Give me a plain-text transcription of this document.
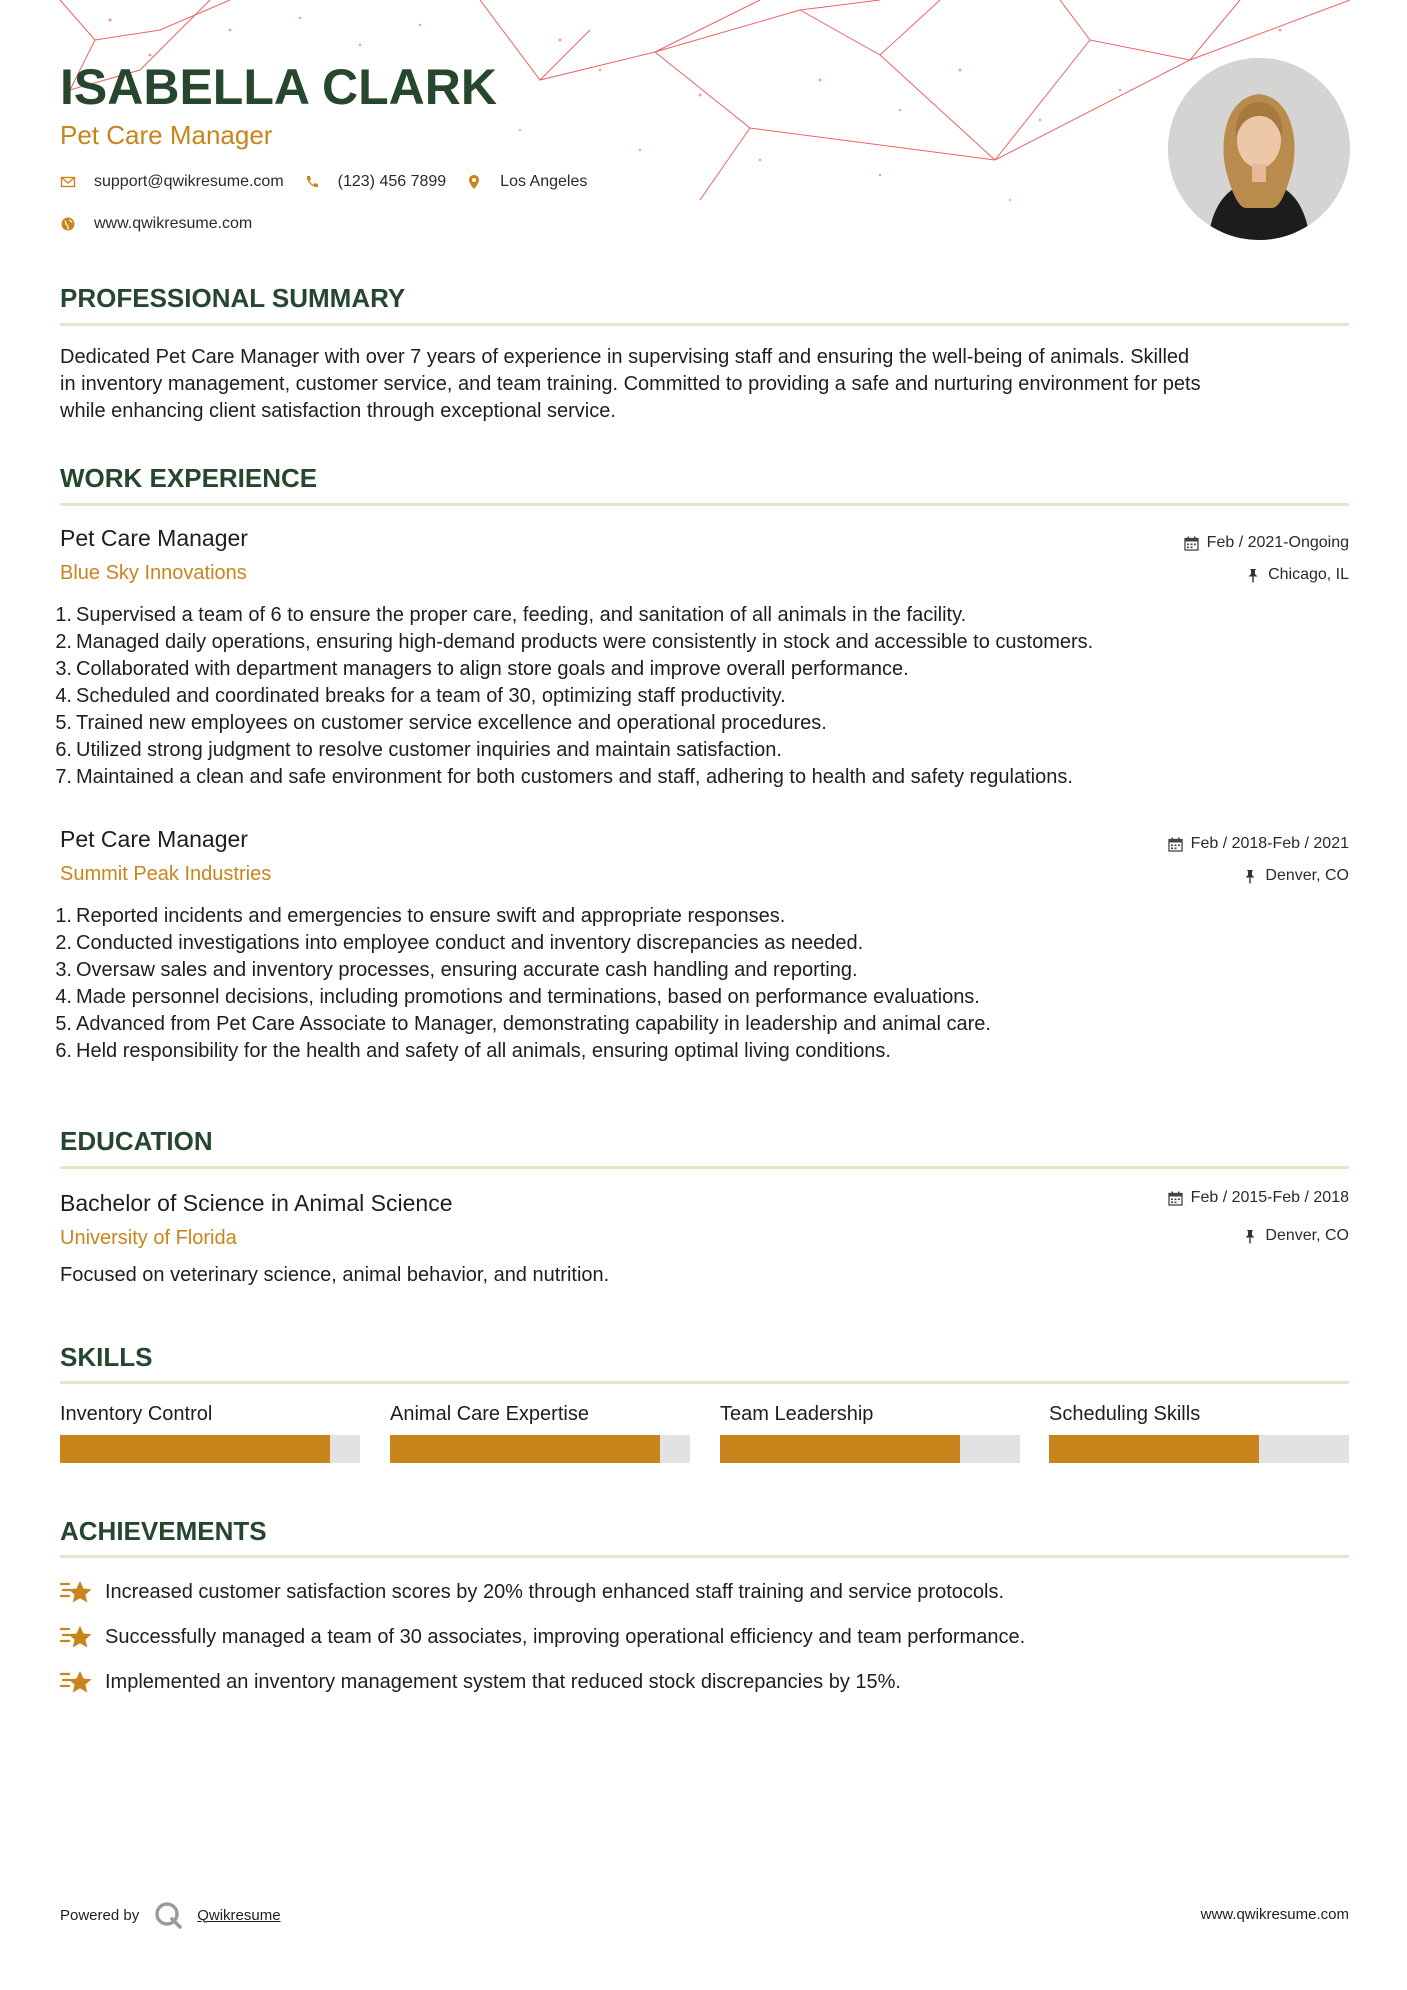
ISABELLA CLARK
Pet Care Manager
support@qwikresume.com	(123) 456 7899	Los Angeles
www.qwikresume.com
PROFESSIONAL SUMMARY
Dedicated Pet Care Manager with over 7 years of experience in supervising staff and ensuring the well-being of animals. Skilled
in inventory management, customer service, and team training. Committed to providing a safe and nurturing environment for pets
while enhancing client satisfaction through exceptional service.
WORK EXPERIENCE
Pet Care Manager
Blue Sky Innovations
Feb / 2021-Ongoing
Chicago, IL
1. Supervised a team of 6 to ensure the proper care, feeding, and sanitation of all animals in the facility.
2. Managed daily operations, ensuring high-demand products were consistently in stock and accessible to customers.
3. Collaborated with department managers to align store goals and improve overall performance.
4. Scheduled and coordinated breaks for a team of 30, optimizing staff productivity.
5. Trained new employees on customer service excellence and operational procedures.
6. Utilized strong judgment to resolve customer inquiries and maintain satisfaction.
7. Maintained a clean and safe environment for both customers and staff, adhering to health and safety regulations.
Pet Care Manager
Summit Peak Industries
Feb / 2018-Feb / 2021
Denver, CO
1. Reported incidents and emergencies to ensure swift and appropriate responses.
2. Conducted investigations into employee conduct and inventory discrepancies as needed.
3. Oversaw sales and inventory processes, ensuring accurate cash handling and reporting.
4. Made personnel decisions, including promotions and terminations, based on performance evaluations.
5. Advanced from Pet Care Associate to Manager, demonstrating capability in leadership and animal care.
6. Held responsibility for the health and safety of all animals, ensuring optimal living conditions.
EDUCATION
Bachelor of Science in Animal Science
University of Florida
Feb / 2015-Feb / 2018
Denver, CO
Focused on veterinary science, animal behavior, and nutrition.
SKILLS
Inventory Control	Animal Care Expertise	Team Leadership	Scheduling Skills
ACHIEVEMENTS
Increased customer satisfaction scores by 20% through enhanced staff training and service protocols.
Successfully managed a team of 30 associates, improving operational efficiency and team performance.
Implemented an inventory management system that reduced stock discrepancies by 15%.
Powered by	Qwikresume	www.qwikresume.com
